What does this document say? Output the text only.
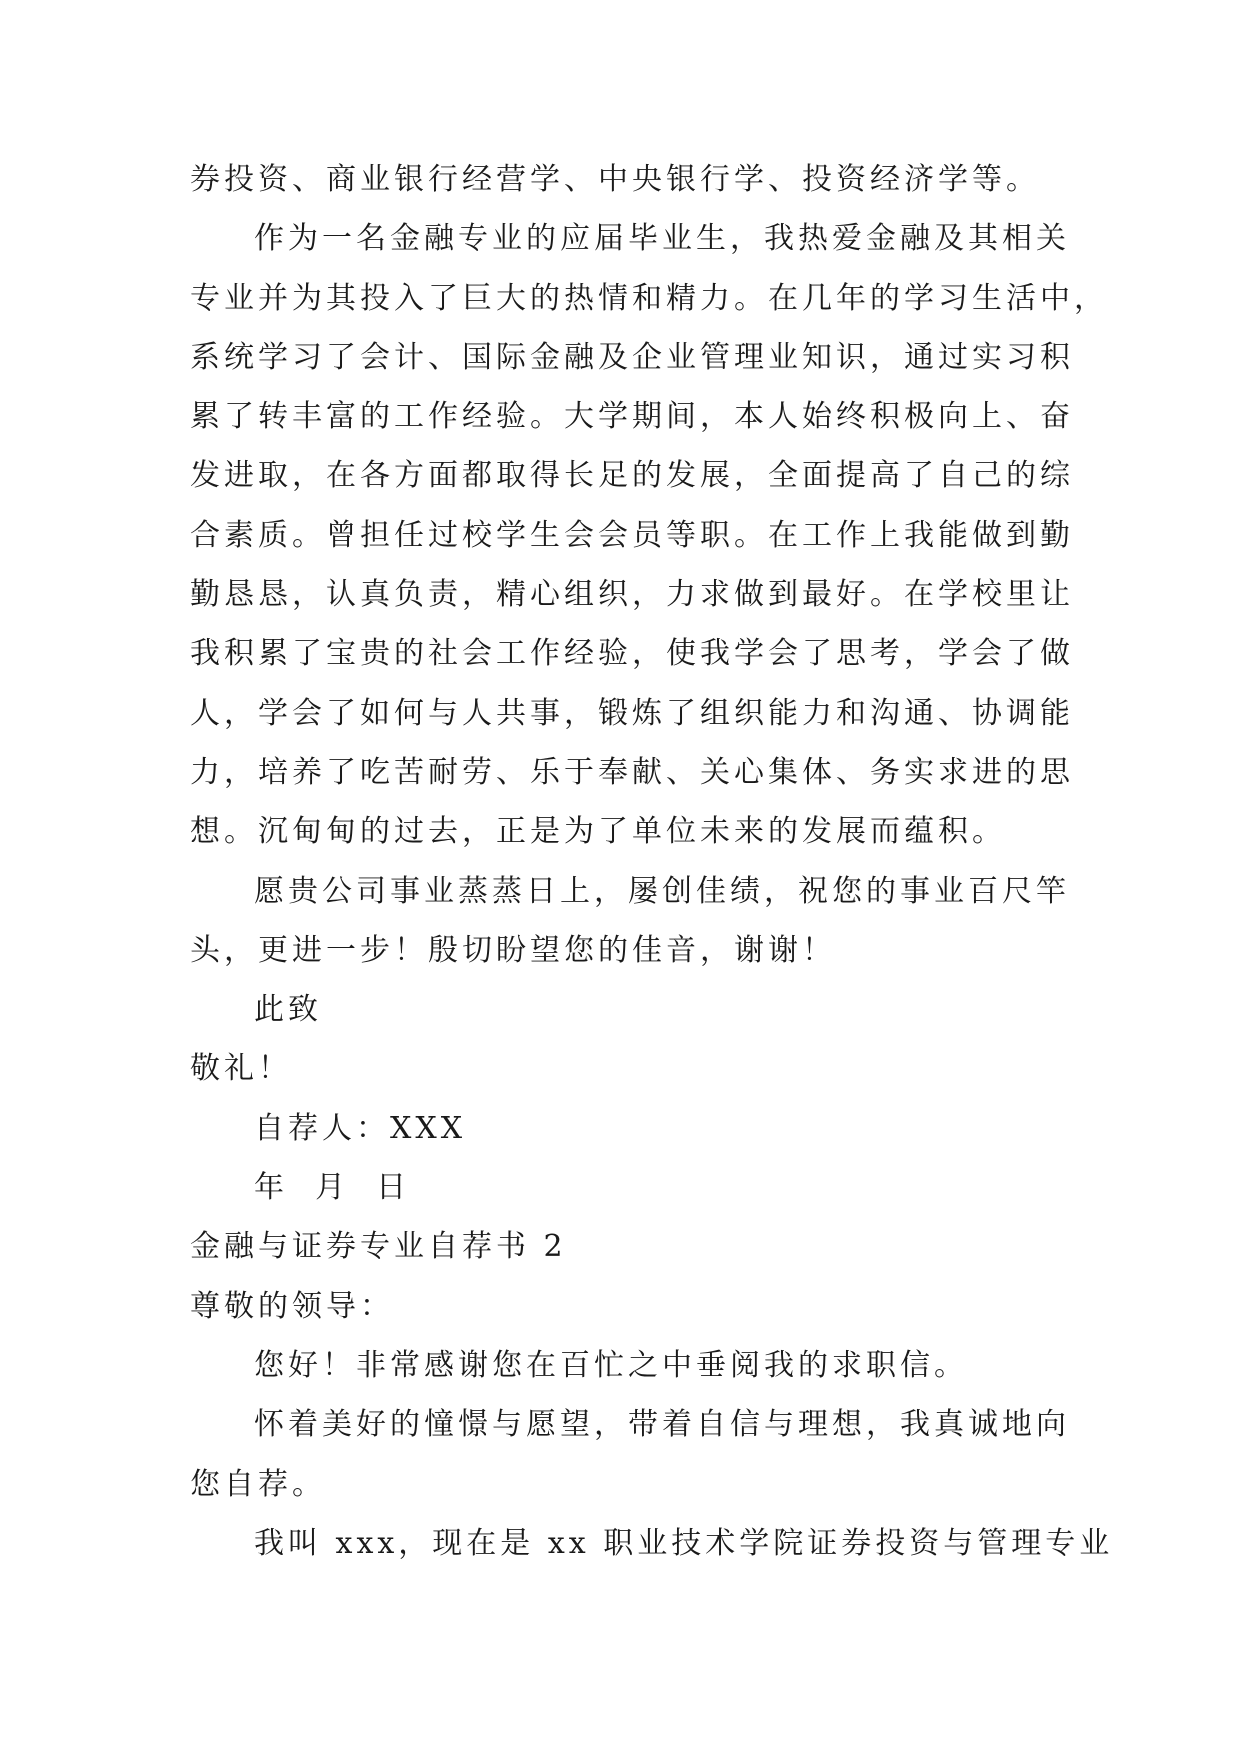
券投资、商业银行经营学、中央银行学、投资经济学等。
作为一名金融专业的应届毕业生，我热爱金融及其相关
专业并为其投入了巨大的热情和精力。在几年的学习生活中，
系统学习了会计、国际金融及企业管理业知识，通过实习积
累了转丰富的工作经验。大学期间，本人始终积极向上、奋
发进取，在各方面都取得长足的发展，全面提高了自己的综
合素质。曾担任过校学生会会员等职。在工作上我能做到勤
勤恳恳，认真负责，精心组织，力求做到最好。在学校里让
我积累了宝贵的社会工作经验，使我学会了思考，学会了做
人，学会了如何与人共事，锻炼了组织能力和沟通、协调能
力，培养了吃苦耐劳、乐于奉献、关心集体、务实求进的思
想。沉甸甸的过去，正是为了单位未来的发展而蕴积。
愿贵公司事业蒸蒸日上，屡创佳绩，祝您的事业百尺竿
头，更进一步！殷切盼望您的佳音，谢谢！
此致
敬礼！
自荐人：XXX
年  月  日
金融与证券专业自荐书 2
尊敬的领导：
您好！非常感谢您在百忙之中垂阅我的求职信。
怀着美好的憧憬与愿望，带着自信与理想，我真诚地向
您自荐。
我叫 xxx，现在是 xx 职业技术学院证券投资与管理专业
